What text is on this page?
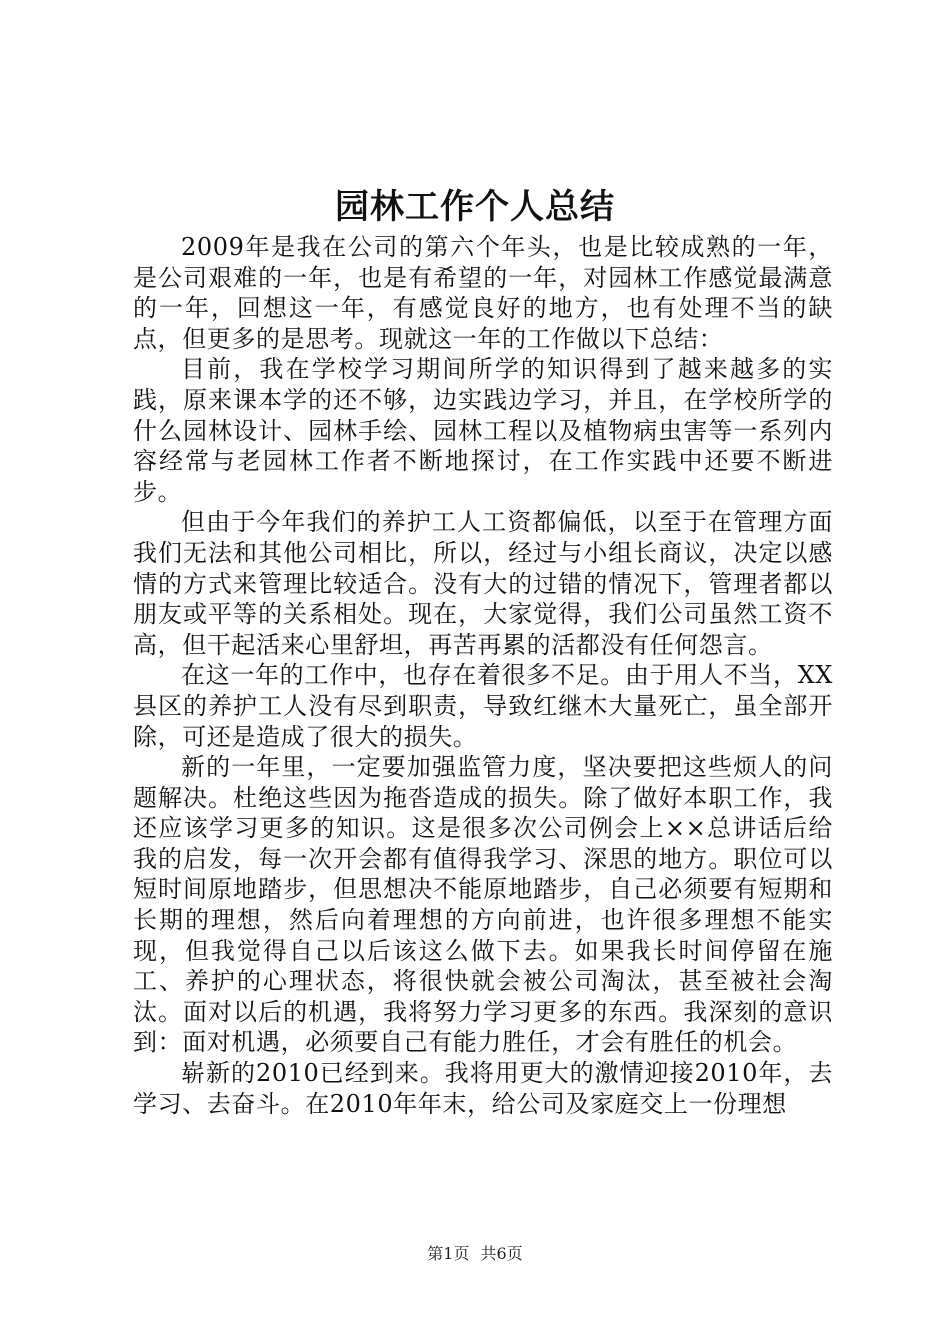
园林工作个人总结

2009年是我在公司的第六个年头，也是比较成熟的一年，是公司艰难的一年，也是有希望的一年，对园林工作感觉最满意的一年，回想这一年，有感觉良好的地方，也有处理不当的缺点，但更多的是思考。现就这一年的工作做以下总结：

目前，我在学校学习期间所学的知识得到了越来越多的实践，原来课本学的还不够，边实践边学习，并且，在学校所学的什么园林设计、园林手绘、园林工程以及植物病虫害等一系列内容经常与老园林工作者不断地探讨，在工作实践中还要不断进步。

但由于今年我们的养护工人工资都偏低，以至于在管理方面我们无法和其他公司相比，所以，经过与小组长商议，决定以感情的方式来管理比较适合。没有大的过错的情况下，管理者都以朋友或平等的关系相处。现在，大家觉得，我们公司虽然工资不高，但干起活来心里舒坦，再苦再累的活都没有任何怨言。

在这一年的工作中，也存在着很多不足。由于用人不当，XX县区的养护工人没有尽到职责，导致红继木大量死亡，虽全部开除，可还是造成了很大的损失。

新的一年里，一定要加强监管力度，坚决要把这些烦人的问题解决。杜绝这些因为拖沓造成的损失。除了做好本职工作，我还应该学习更多的知识。这是很多次公司例会上××总讲话后给我的启发，每一次开会都有值得我学习、深思的地方。职位可以短时间原地踏步，但思想决不能原地踏步，自己必须要有短期和长期的理想，然后向着理想的方向前进，也许很多理想不能实现，但我觉得自己以后该这么做下去。如果我长时间停留在施工、养护的心理状态，将很快就会被公司淘汰，甚至被社会淘汰。面对以后的机遇，我将努力学习更多的东西。我深刻的意识到：面对机遇，必须要自己有能力胜任，才会有胜任的机会。

崭新的2010已经到来。我将用更大的激情迎接2010年，去学习、去奋斗。在2010年年末，给公司及家庭交上一份理想

第1页 共6页
